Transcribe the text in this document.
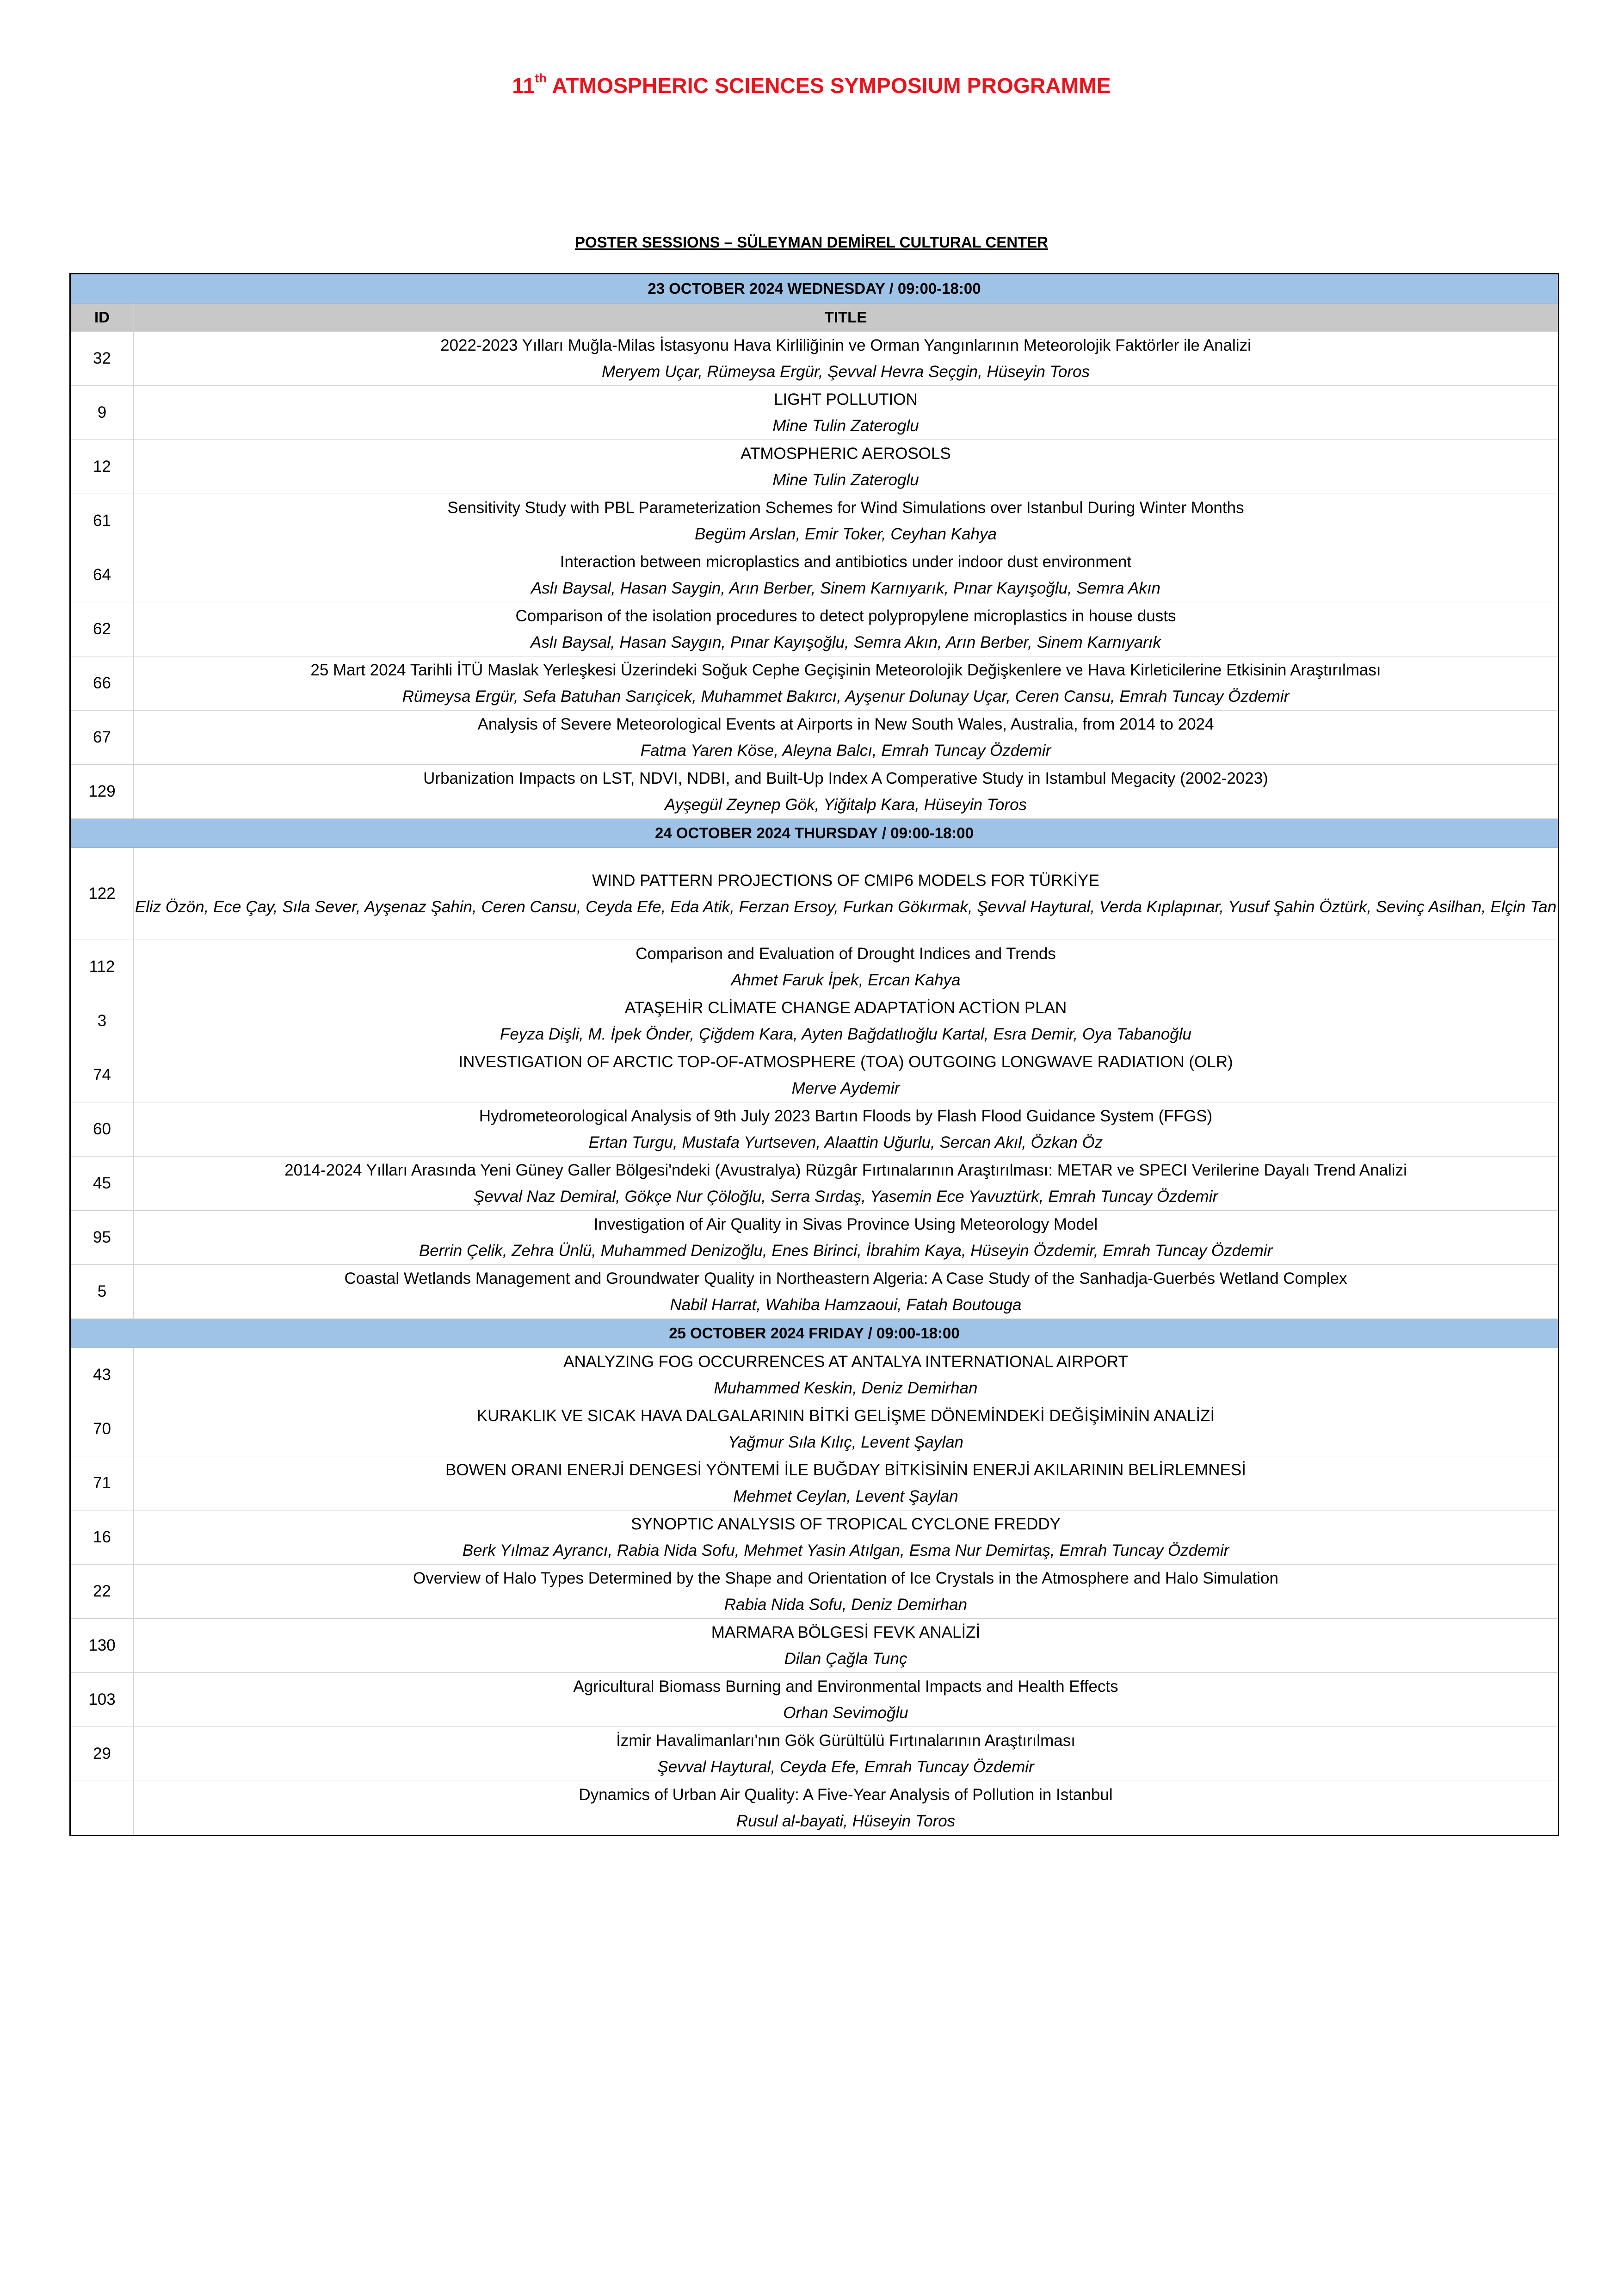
11th ATMOSPHERIC SCIENCES SYMPOSIUM PROGRAMME
POSTER SESSIONS – SÜLEYMAN DEMİREL CULTURAL CENTER
23 OCTOBER 2024 WEDNESDAY / 09:00-18:00	
ID	TITLE
32	2022-2023 Yılları Muğla-Milas İstasyonu Hava Kirliliğinin ve Orman Yangınlarının Meteorolojik Faktörler ile Analizi
Meryem Uçar, Rümeysa Ergür, Şevval Hevra Seçgin, Hüseyin Toros

9	LIGHT POLLUTION
Mine Tulin Zateroglu

12	ATMOSPHERIC AEROSOLS
Mine Tulin Zateroglu

61	Sensitivity Study with PBL Parameterization Schemes for Wind Simulations over Istanbul During Winter Months
Begüm Arslan, Emir Toker, Ceyhan Kahya

64	Interaction between microplastics and antibiotics under indoor dust environment
Aslı Baysal, Hasan Saygin, Arın Berber, Sinem Karnıyarık, Pınar Kayışoğlu, Semra Akın

62	Comparison of the isolation procedures to detect polypropylene microplastics in house dusts
Aslı Baysal, Hasan Saygın, Pınar Kayışoğlu, Semra Akın, Arın Berber, Sinem Karnıyarık

66	25 Mart 2024 Tarihli İTÜ Maslak Yerleşkesi Üzerindeki Soğuk Cephe Geçişinin Meteorolojik Değişkenlere ve Hava Kirleticilerine Etkisinin Araştırılması
Rümeysa Ergür, Sefa Batuhan Sarıçicek, Muhammet Bakırcı, Ayşenur Dolunay Uçar, Ceren Cansu, Emrah Tuncay Özdemir

67	Analysis of Severe Meteorological Events at Airports in New South Wales, Australia, from 2014 to 2024
Fatma Yaren Köse, Aleyna Balcı, Emrah Tuncay Özdemir

129	Urbanization Impacts on LST, NDVI, NDBI, and Built-Up Index A Comperative Study in Istambul Megacity (2002-2023)
Ayşegül Zeynep Gök, Yiğitalp Kara, Hüseyin Toros

24 OCTOBER 2024 THURSDAY / 09:00-18:00	
122	WIND PATTERN PROJECTIONS OF CMIP6 MODELS FOR TÜRKİYE
Eliz Özön, Ece Çay, Sıla Sever, Ayşenaz Şahin, Ceren Cansu, Ceyda Efe, Eda Atik, Ferzan Ersoy, Furkan Gökırmak, Şevval Haytural, Verda Kıplapınar, Yusuf Şahin Öztürk, Sevinç Asilhan, Elçin Tan

112	Comparison and Evaluation of Drought Indices and Trends
Ahmet Faruk İpek, Ercan Kahya

3	ATAŞEHİR CLİMATE CHANGE ADAPTATİON ACTİON PLAN
Feyza Dişli, M. İpek Önder, Çiğdem Kara, Ayten Bağdatlıoğlu Kartal, Esra Demir, Oya Tabanoğlu

74	INVESTIGATION OF ARCTIC TOP-OF-ATMOSPHERE (TOA) OUTGOING LONGWAVE RADIATION (OLR)
Merve Aydemir

60	Hydrometeorological Analysis of 9th July 2023 Bartın Floods by Flash Flood Guidance System (FFGS)
Ertan Turgu, Mustafa Yurtseven, Alaattin Uğurlu, Sercan Akıl, Özkan Öz

45	2014-2024 Yılları Arasında Yeni Güney Galler Bölgesi'ndeki (Avustralya) Rüzgâr Fırtınalarının Araştırılması: METAR ve SPECI Verilerine Dayalı Trend Analizi
Şevval Naz Demiral, Gökçe Nur Çöloğlu, Serra Sırdaş, Yasemin Ece Yavuztürk, Emrah Tuncay Özdemir

95	Investigation of Air Quality in Sivas Province Using Meteorology Model
Berrin Çelik, Zehra Ünlü, Muhammed Denizoğlu, Enes Birinci, İbrahim Kaya, Hüseyin Özdemir, Emrah Tuncay Özdemir

5	Coastal Wetlands Management and Groundwater Quality in Northeastern Algeria: A Case Study of the Sanhadja-Guerbés Wetland Complex
Nabil Harrat, Wahiba Hamzaoui, Fatah Boutouga

25 OCTOBER 2024 FRIDAY / 09:00-18:00	
43	ANALYZING FOG OCCURRENCES AT ANTALYA INTERNATIONAL AIRPORT
Muhammed Keskin, Deniz Demirhan

70	KURAKLIK VE SICAK HAVA DALGALARININ BİTKİ GELİŞME DÖNEMİNDEKİ DEĞİŞİMİNİN ANALİZİ
Yağmur Sıla Kılıç, Levent Şaylan

71	BOWEN ORANI ENERJİ DENGESİ YÖNTEMİ İLE BUĞDAY BİTKİSİNİN ENERJİ AKILARININ BELİRLEMNESİ
Mehmet Ceylan, Levent Şaylan

16	SYNOPTIC ANALYSIS OF TROPICAL CYCLONE FREDDY
Berk Yılmaz Ayrancı, Rabia Nida Sofu, Mehmet Yasin Atılgan, Esma Nur Demirtaş, Emrah Tuncay Özdemir

22	Overview of Halo Types Determined by the Shape and Orientation of Ice Crystals in the Atmosphere and Halo Simulation
Rabia Nida Sofu, Deniz Demirhan

130	MARMARA BÖLGESİ FEVK ANALİZİ
Dilan Çağla Tunç

103	Agricultural Biomass Burning and Environmental Impacts and Health Effects
Orhan Sevimoğlu

29	İzmir Havalimanları'nın Gök Gürültülü Fırtınalarının Araştırılması
Şevval Haytural, Ceyda Efe, Emrah Tuncay Özdemir

	Dynamics of Urban Air Quality: A Five-Year Analysis of Pollution in Istanbul
Rusul al-bayati, Hüseyin Toros
